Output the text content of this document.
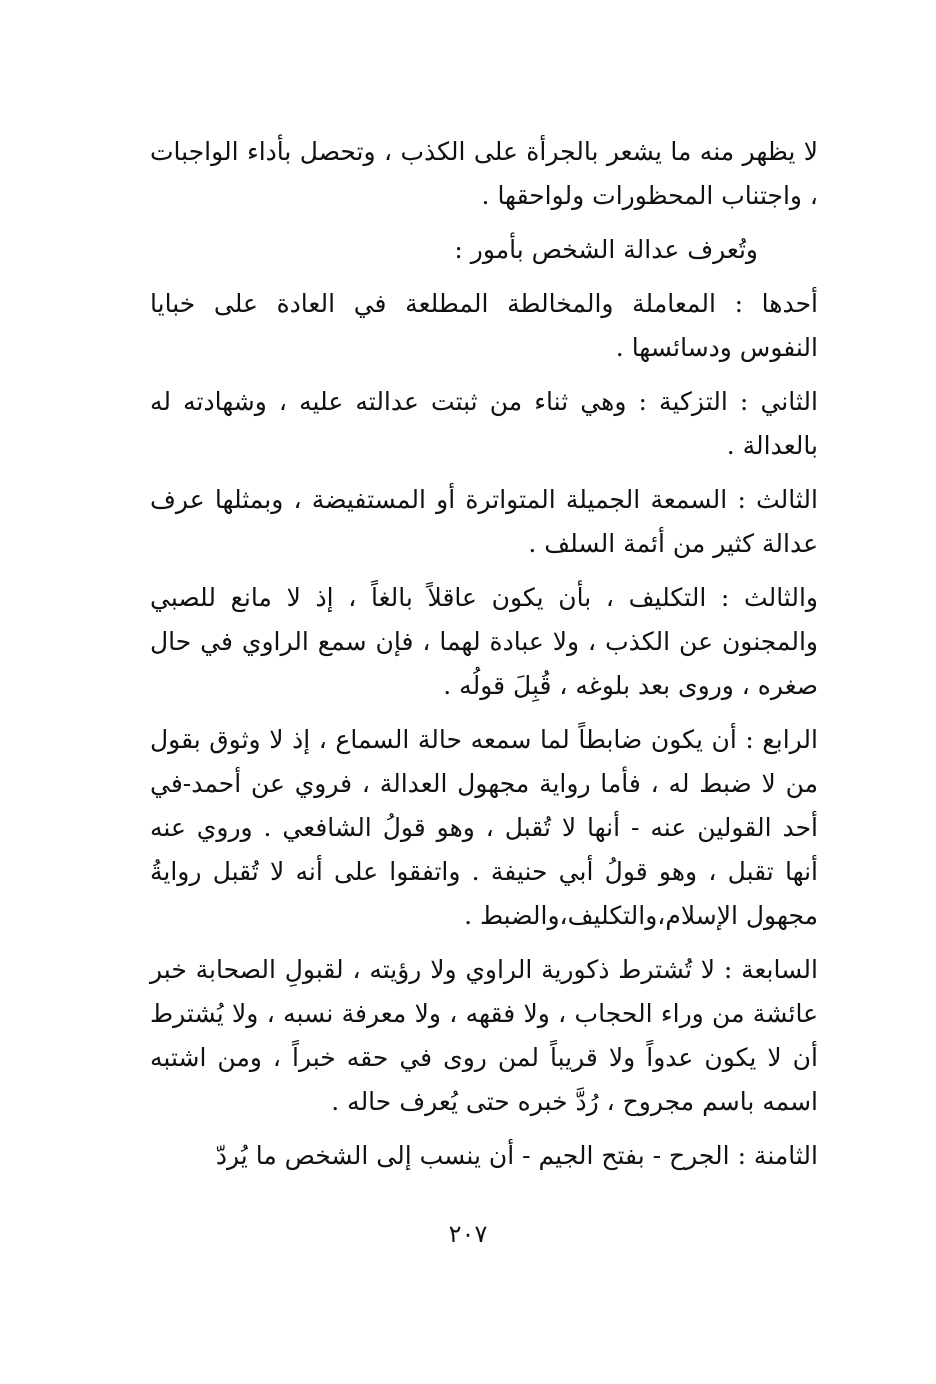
لا يظهر منه ما يشعر بالجرأة على الكذب ، وتحصل بأداء الواجبات ، واجتناب المحظورات ولواحقها .

وتُعرف عدالة الشخص بأمور :

أحدها : المعاملة والمخالطة المطلعة في العادة على خبايا النفوس ودسائسها .

الثاني : التزكية : وهي ثناء من ثبتت عدالته عليه ، وشهادته له بالعدالة .

الثالث : السمعة الجميلة المتواترة أو المستفيضة ، وبمثلها عرف عدالة كثير من أئمة السلف .

والثالث : التكليف ، بأن يكون عاقلاً بالغاً ، إذ لا مانع للصبي والمجنون عن الكذب ، ولا عبادة لهما ، فإن سمع الراوي في حال صغره ، وروى بعد بلوغه ، قُبِلَ قولُه .

الرابع : أن يكون ضابطاً لما سمعه حالة السماع ، إذ لا وثوق بقول من لا ضبط له ، فأما رواية مجهول العدالة ، فروي عن أحمد-في أحد القولين عنه - أنها لا تُقبل ، وهو قولُ الشافعي . وروي عنه أنها تقبل ، وهو قولُ أبي حنيفة . واتفقوا على أنه لا تُقبل روايةُ مجهول الإسلام،والتكليف،والضبط .

السابعة : لا تُشترط ذكورية الراوي ولا رؤيته ، لقبولِ الصحابة خبر عائشة من وراء الحجاب ، ولا فقهه ، ولا معرفة نسبه ، ولا يُشترط أن لا يكون عدواً ولا قريباً لمن روى في حقه خبراً ، ومن اشتبه اسمه باسم مجروح ، رُدَّ خبره حتى يُعرف حاله .

الثامنة : الجرح - بفتح الجيم - أن ينسب إلى الشخص ما يُردّ

٢٠٧
